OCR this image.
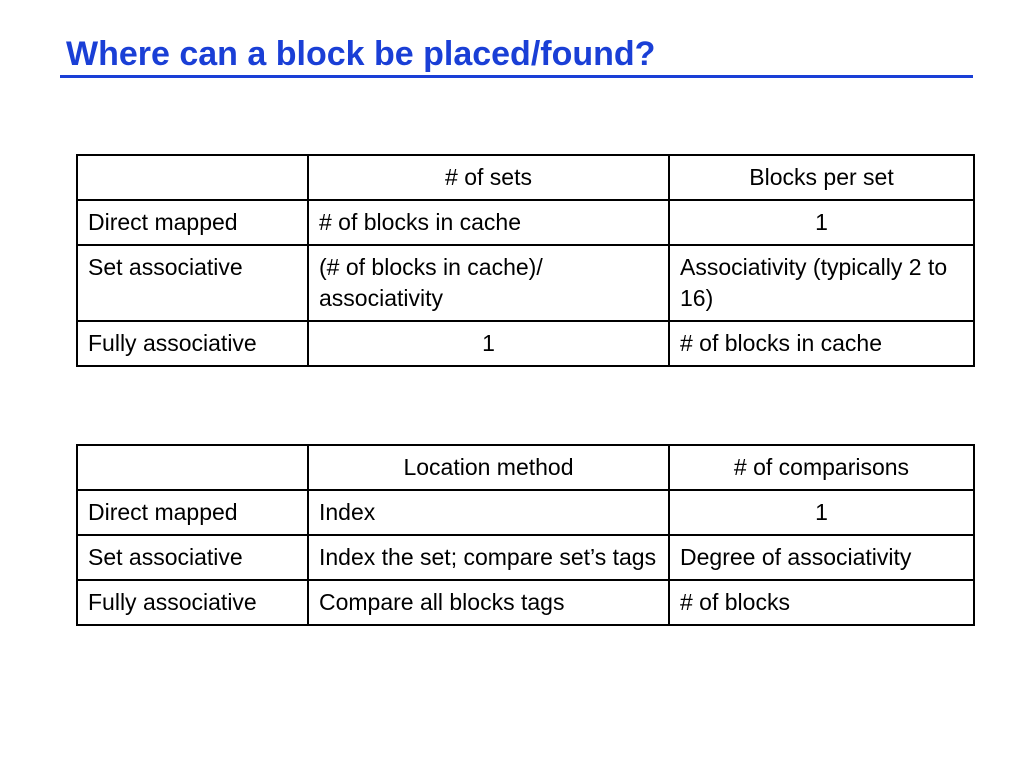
Where can a block be placed/found?
	# of sets	Blocks per set
Direct mapped	# of blocks in cache	1
Set associative	(# of blocks in cache)/ associativity	Associativity (typically 2 to 16)
Fully associative	1	# of blocks in cache
	Location method	# of comparisons
Direct mapped	Index	1
Set associative	Index the set; compare set’s tags	Degree of associativity
Fully associative	Compare all blocks tags	# of blocks
